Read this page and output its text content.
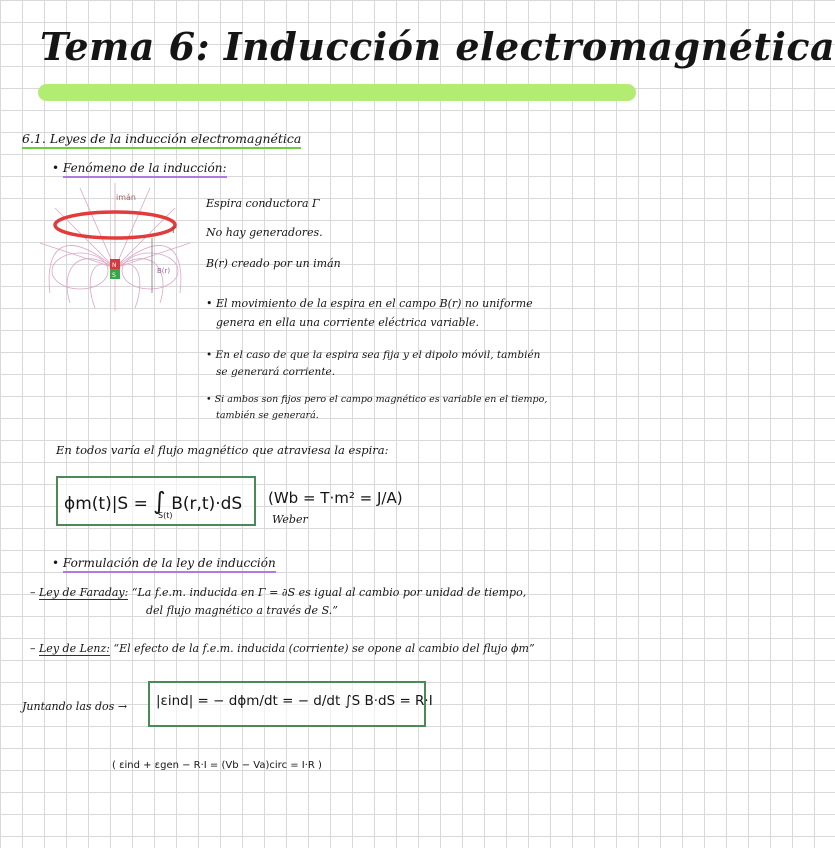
Tema 6: Inducción electromagnética
6.1. Leyes de la inducción electromagnética
• Fenómeno de la inducción:
imán
Γ
B(r)
N
S
Espira conductora Γ
No hay generadores.
B(r) creado por un imán
• El movimiento de la espira en el campo B(r) no uniforme
genera en ella una corriente eléctrica variable.
• En el caso de que la espira sea fija y el dipolo móvil, también
se generará corriente.
• Si ambos son fijos pero el campo magnético es variable en el tiempo,
también se generará.
En todos varía el flujo magnético que atraviesa la espira:
ϕm(t)|S = ∫ B(r,t)·dS
S(t)
(Wb = T·m² = J/A)
Weber
• Formulación de la ley de inducción
– Ley de Faraday: “La f.e.m. inducida en Γ = ∂S es igual al cambio por unidad de tiempo,
del flujo magnético a través de S.”
– Ley de Lenz: “El efecto de la f.e.m. inducida (corriente) se opone al cambio del flujo ϕm”
Juntando las dos → |εind| = − dϕm/dt = − d/dt ∫S B·dS = R·I
( εind + εgen − R·I = (Vb − Va)circ = I·R )
